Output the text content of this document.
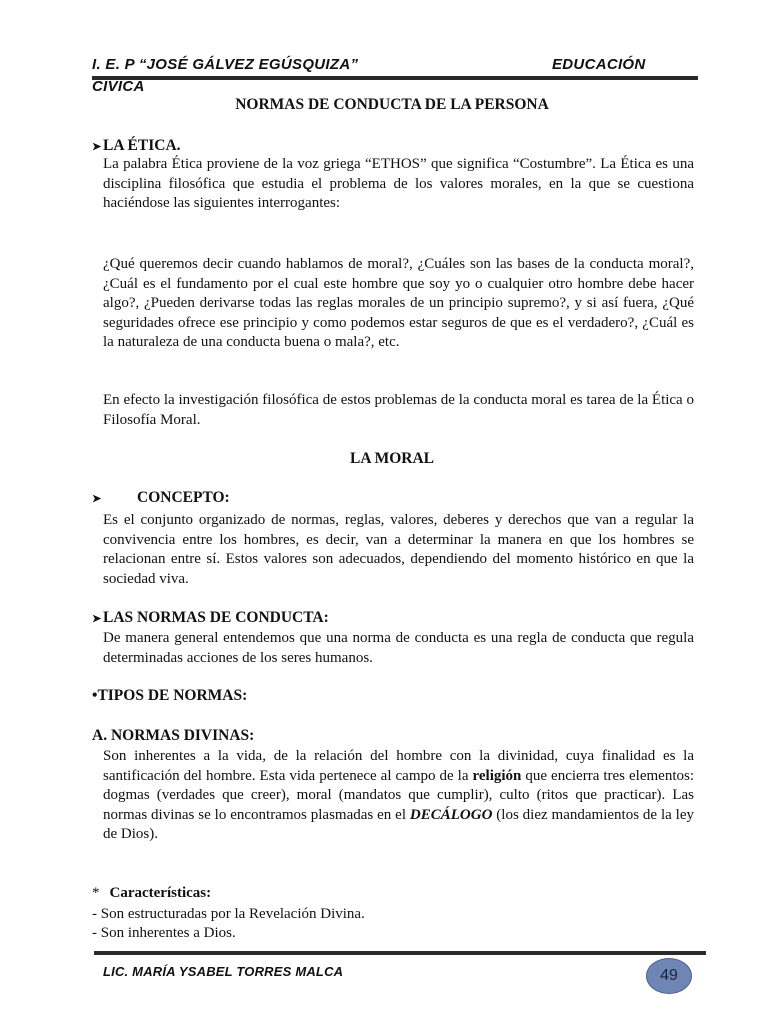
I. E. P “JOSÉ GÁLVEZ EGÚSQUIZA”	EDUCACIÓN
CIVICA
NORMAS DE CONDUCTA DE LA PERSONA
➤ LA ÉTICA.

La palabra Ética proviene de la voz griega “ETHOS” que significa “Costumbre”. La Ética es una disciplina filosófica que estudia el problema de los valores morales, en la que se cuestiona haciéndose las siguientes interrogantes:

¿Qué queremos decir cuando hablamos de moral?, ¿Cuáles son las bases de la conducta moral?, ¿Cuál es el fundamento por el cual este hombre que soy yo o cualquier otro hombre debe hacer algo?, ¿Pueden derivarse todas las reglas morales de un principio supremo?, y si así fuera, ¿Qué seguridades ofrece ese principio y como podemos estar seguros de que es el verdadero?, ¿Cuál es la naturaleza de una conducta buena o mala?, etc.

En efecto la investigación filosófica de estos problemas de la conducta moral es tarea de la Ética o Filosofía Moral.

LA MORAL
➤ CONCEPTO:

Es el conjunto organizado de normas, reglas, valores, deberes y derechos que van a regular la convivencia entre los hombres, es decir, van a determinar la manera en que los hombres se relacionan entre sí. Estos valores son adecuados, dependiendo del momento histórico en que la sociedad viva.

➤ LAS NORMAS DE CONDUCTA:

De manera general entendemos que una norma de conducta es una regla de conducta que regula determinadas acciones de los seres humanos.

•TIPOS DE NORMAS:
A. NORMAS DIVINAS:

Son inherentes a la vida, de la relación del hombre con la divinidad, cuya finalidad es la santificación del hombre. Esta vida pertenece al campo de la religión que encierra tres elementos: dogmas (verdades que creer), moral (mandatos que cumplir), culto (ritos que practicar). Las normas divinas se lo encontramos plasmadas en el DECÁLOGO (los diez mandamientos de la ley de Dios).

* Características:
- Son estructuradas por la Revelación Divina.
- Son inherentes a Dios.
LIC. MARÍA YSABEL TORRES MALCA	49
